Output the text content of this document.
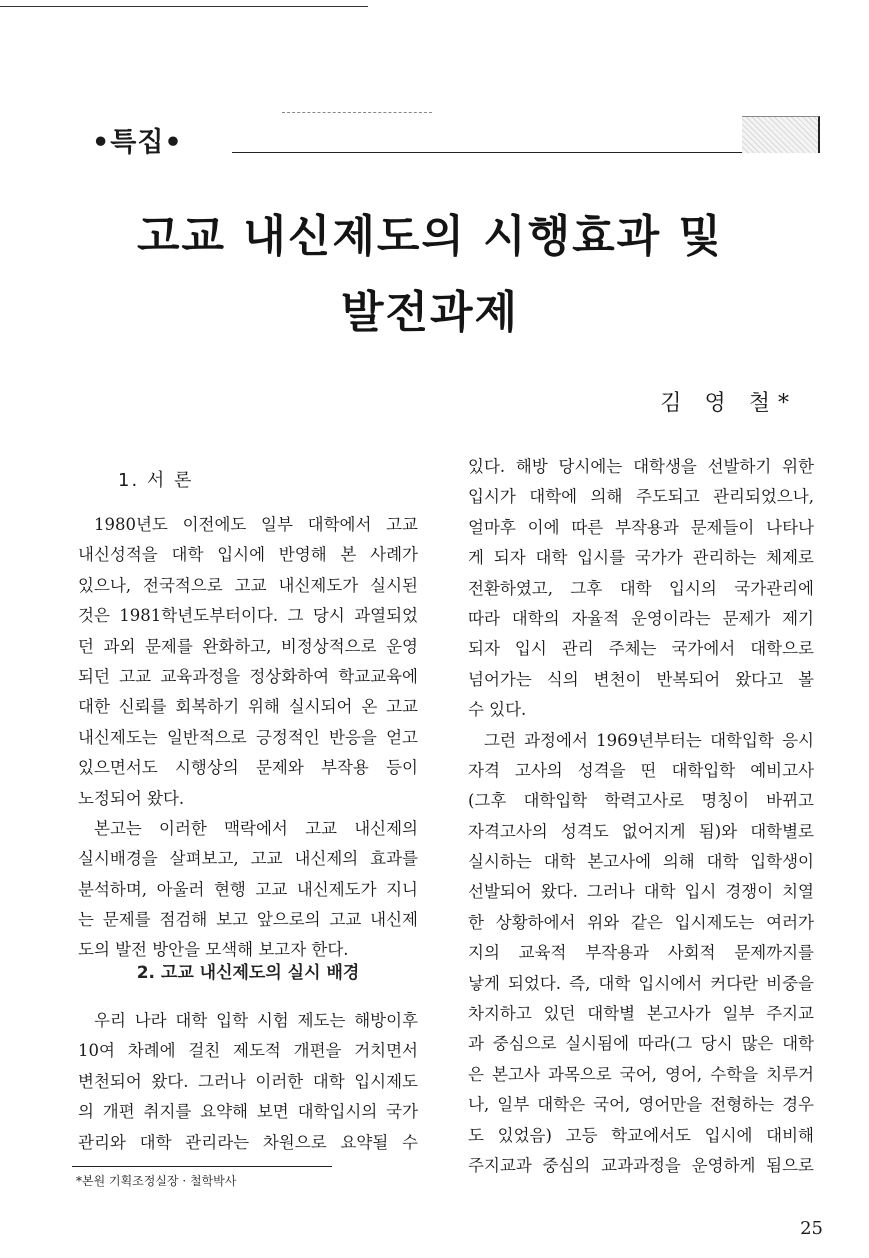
•특집•
고교 내신제도의 시행효과 및
발전과제
김 영 철*
1. 서 론
1980년도 이전에도 일부 대학에서 고교
내신성적을 대학 입시에 반영해 본 사례가
있으나, 전국적으로 고교 내신제도가 실시된
것은 1981학년도부터이다. 그 당시 과열되었
던 과외 문제를 완화하고, 비정상적으로 운영
되던 고교 교육과정을 정상화하여 학교교육에
대한 신뢰를 회복하기 위해 실시되어 온 고교
내신제도는 일반적으로 긍정적인 반응을 얻고
있으면서도 시행상의 문제와 부작용 등이
노정되어 왔다.
본고는 이러한 맥락에서 고교 내신제의
실시배경을 살펴보고, 고교 내신제의 효과를
분석하며, 아울러 현행 고교 내신제도가 지니
는 문제를 점검해 보고 앞으로의 고교 내신제
도의 발전 방안을 모색해 보고자 한다.
2. 고교 내신제도의 실시 배경
우리 나라 대학 입학 시험 제도는 해방이후
10여 차례에 걸친 제도적 개편을 거치면서
변천되어 왔다. 그러나 이러한 대학 입시제도
의 개편 취지를 요약해 보면 대학입시의 국가
관리와 대학 관리라는 차원으로 요약될 수
있다. 해방 당시에는 대학생을 선발하기 위한
입시가 대학에 의해 주도되고 관리되었으나,
얼마후 이에 따른 부작용과 문제들이 나타나
게 되자 대학 입시를 국가가 관리하는 체제로
전환하였고, 그후 대학 입시의 국가관리에
따라 대학의 자율적 운영이라는 문제가 제기
되자 입시 관리 주체는 국가에서 대학으로
넘어가는 식의 변천이 반복되어 왔다고 볼
수 있다.
그런 과정에서 1969년부터는 대학입학 응시
자격 고사의 성격을 띤 대학입학 예비고사
(그후 대학입학 학력고사로 명칭이 바뀌고
자격고사의 성격도 없어지게 됨)와 대학별로
실시하는 대학 본고사에 의해 대학 입학생이
선발되어 왔다. 그러나 대학 입시 경쟁이 치열
한 상황하에서 위와 같은 입시제도는 여러가
지의 교육적 부작용과 사회적 문제까지를
낳게 되었다. 즉, 대학 입시에서 커다란 비중을
차지하고 있던 대학별 본고사가 일부 주지교
과 중심으로 실시됨에 따라(그 당시 많은 대학
은 본고사 과목으로 국어, 영어, 수학을 치루거
나, 일부 대학은 국어, 영어만을 전형하는 경우
도 있었음) 고등 학교에서도 입시에 대비해
주지교과 중심의 교과과정을 운영하게 됨으로
*본원 기획조정실장 · 철학박사
25
